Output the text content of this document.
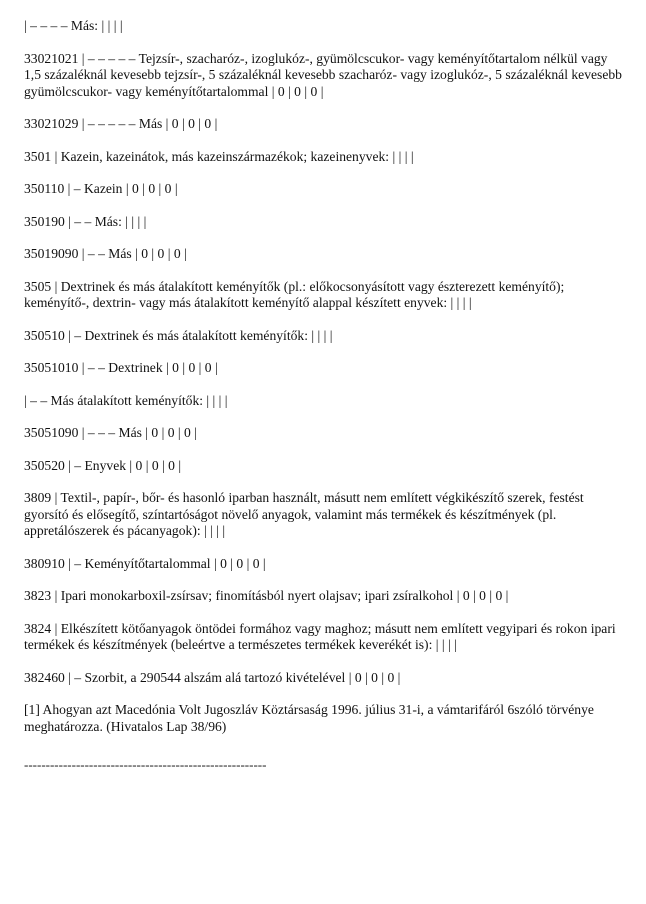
| – – – – Más: | | | |

33021021 | – – – – – Tejzsír-, szacharóz-, izoglukóz-, gyümölcscukor- vagy keményítőtartalom nélkül vagy 1,5 százaléknál kevesebb tejzsír-, 5 százaléknál kevesebb szacharóz- vagy izoglukóz-, 5 százaléknál kevesebb gyümölcscukor- vagy keményítőtartalommal | 0 | 0 | 0 |

33021029 | – – – – – Más | 0 | 0 | 0 |

3501 | Kazein, kazeinátok, más kazeinszármazékok; kazeinenyvek: | | | |

350110 | – Kazein | 0 | 0 | 0 |

350190 | – – Más: | | | |

35019090 | – – Más | 0 | 0 | 0 |

3505 | Dextrinek és más átalakított keményítők (pl.: előkocsonyásított vagy észterezett keményítő); keményítő-, dextrin- vagy más átalakított keményítő alappal készített enyvek: | | | |

350510 | – Dextrinek és más átalakított keményítők: | | | |

35051010 | – – Dextrinek | 0 | 0 | 0 |

| – – Más átalakított keményítők: | | | |

35051090 | – – – Más | 0 | 0 | 0 |

350520 | – Enyvek | 0 | 0 | 0 |

3809 | Textil-, papír-, bőr- és hasonló iparban használt, másutt nem említett végkikészítő szerek, festést gyorsító és elősegítő, színtartóságot növelő anyagok, valamint más termékek és készítmények (pl. appretálószerek és pácanyagok): | | | |

380910 | – Keményítőtartalommal | 0 | 0 | 0 |

3823 | Ipari monokarboxil-zsírsav; finomításból nyert olajsav; ipari zsíralkohol | 0 | 0 | 0 |

3824 | Elkészített kötőanyagok öntödei formához vagy maghoz; másutt nem említett vegyipari és rokon ipari termékek és készítmények (beleértve a természetes termékek keverékét is): | | | |

382460 | – Szorbit, a 290544 alszám alá tartozó kivételével | 0 | 0 | 0 |

[1] Ahogyan azt Macedónia Volt Jugoszláv Köztársaság 1996. július 31-i, a vámtarifáról 6szóló törvénye meghatározza. (Hivatalos Lap 38/96)

--------------------------------------------------------
